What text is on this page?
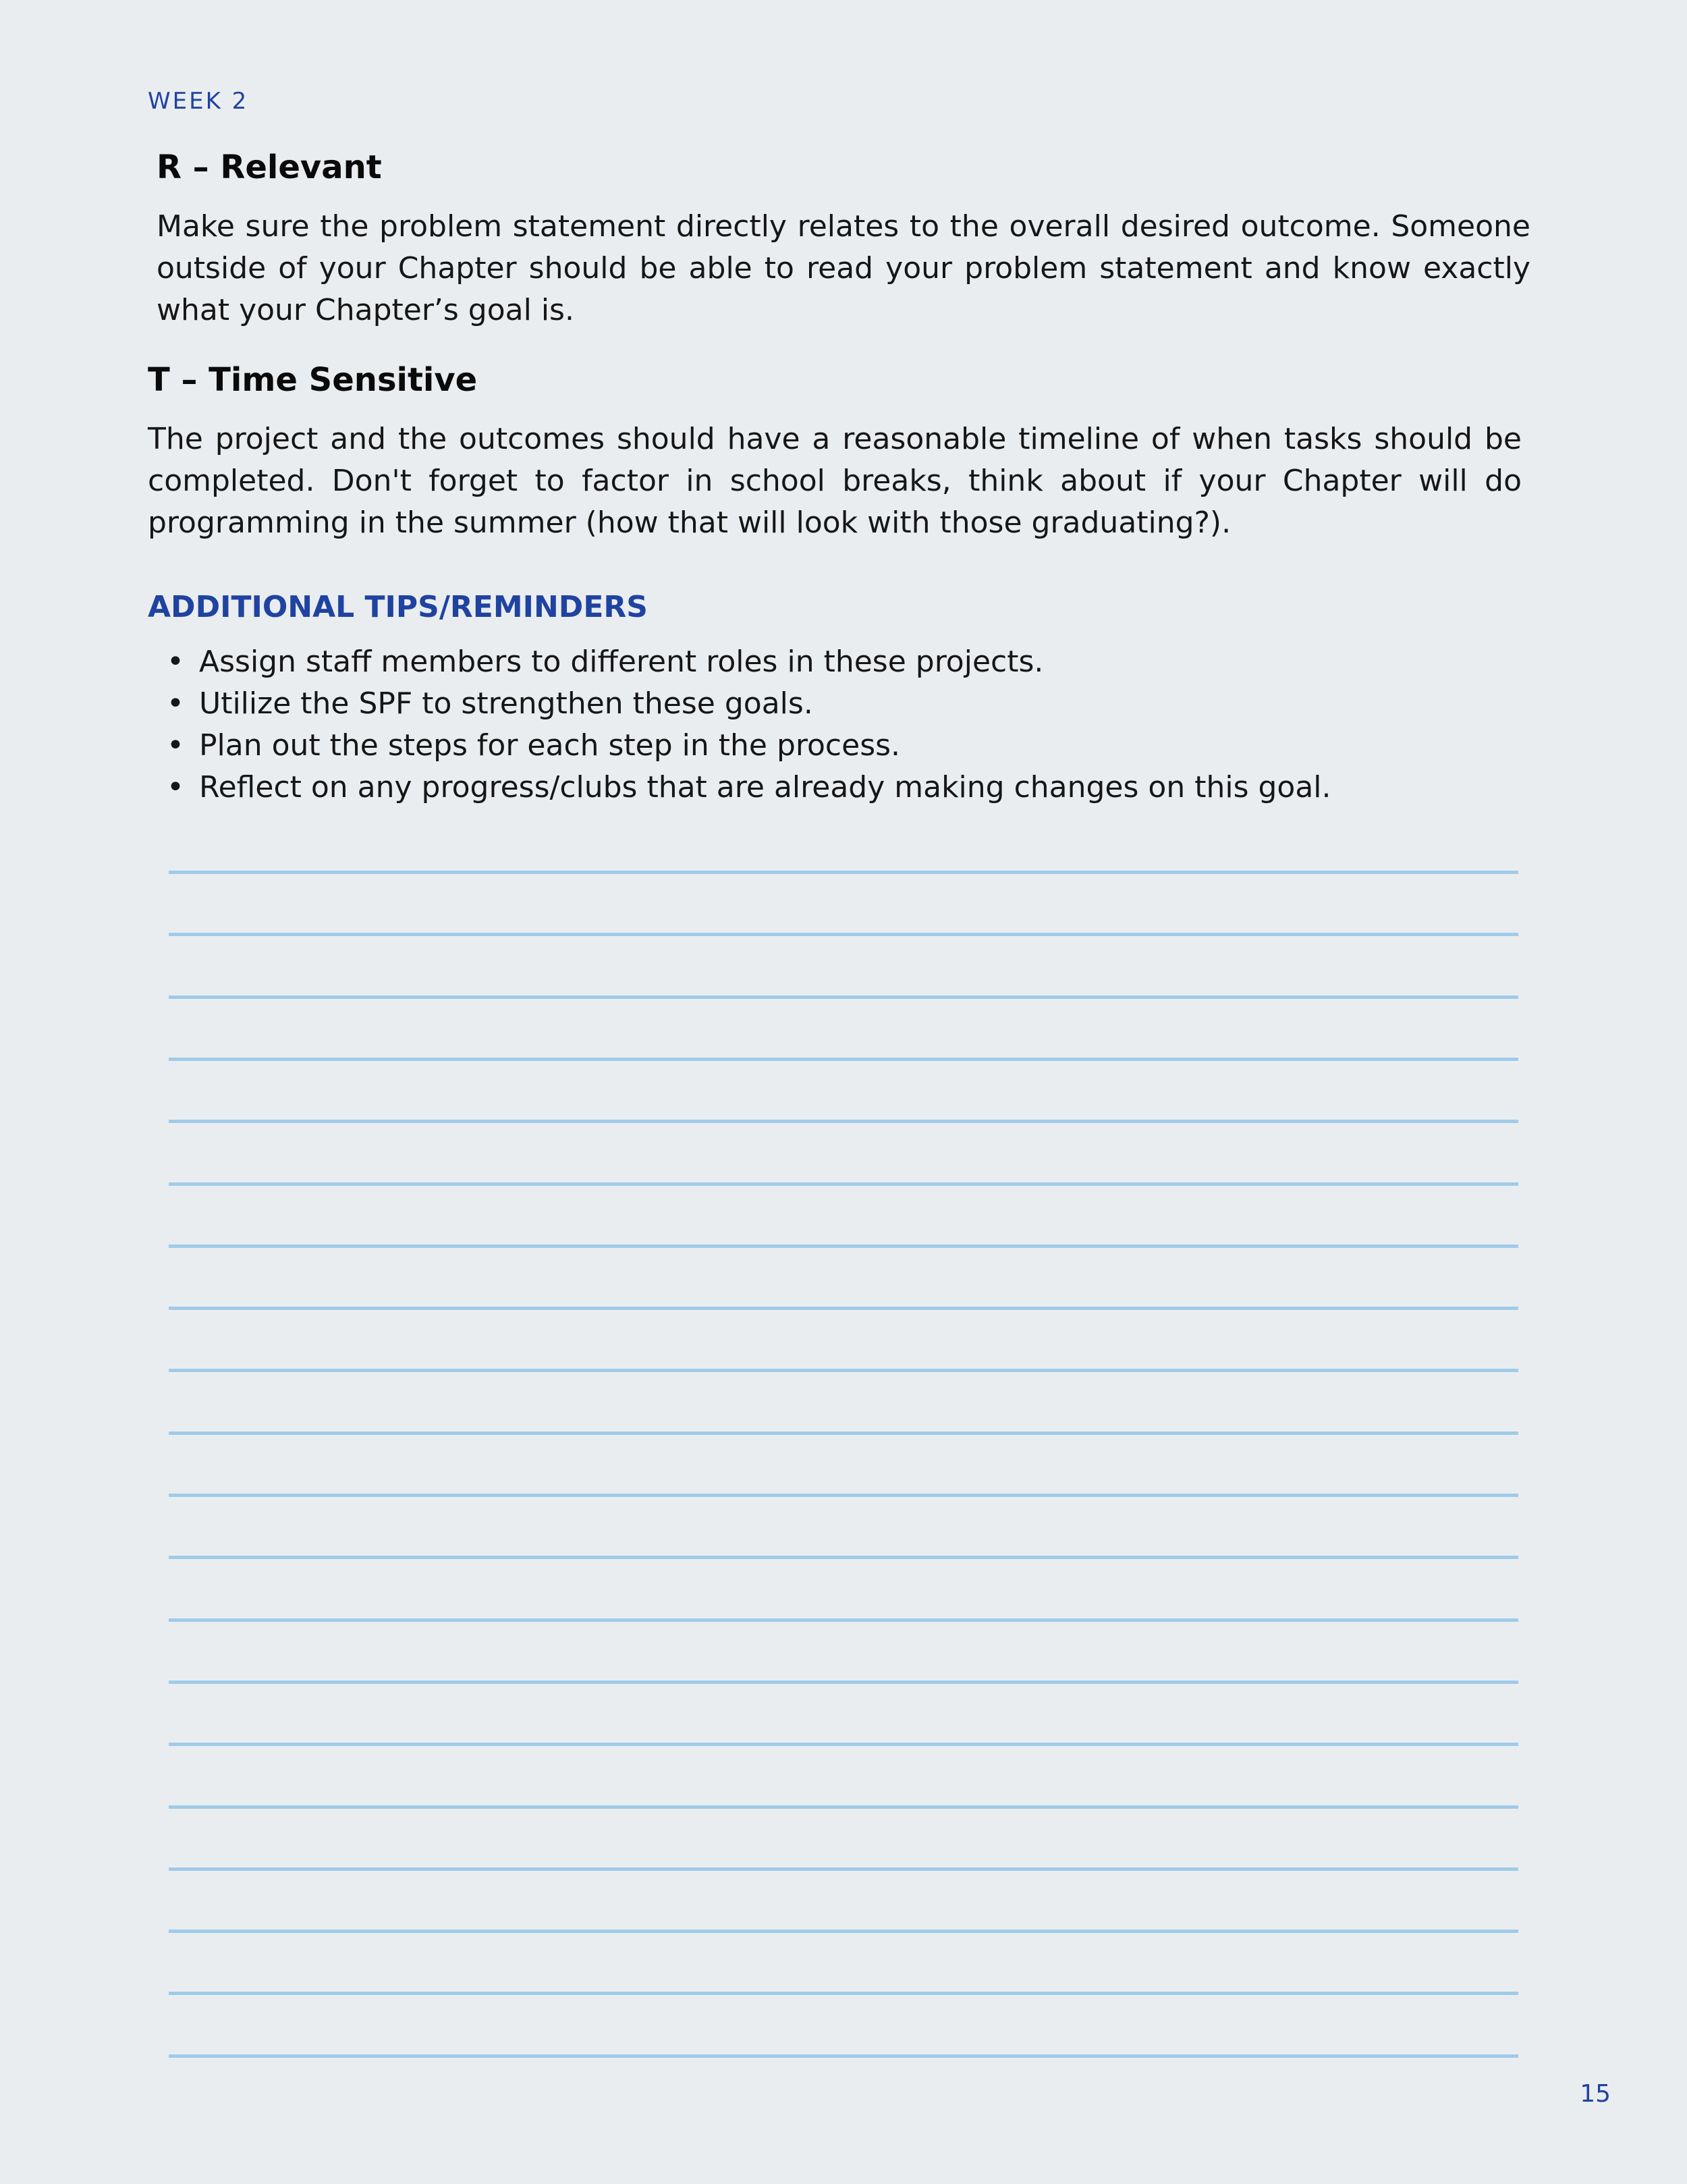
WEEK 2
R – Relevant

Make sure the problem statement directly relates to the overall desired outcome. Someone outside of your Chapter should be able to read your problem statement and know exactly what your Chapter’s goal is.

T – Time Sensitive

The project and the outcomes should have a reasonable timeline of when tasks should be completed. Don't forget to factor in school breaks, think about if your Chapter will do programming in the summer (how that will look with those graduating?).

ADDITIONAL TIPS/REMINDERS
• Assign staff members to different roles in these projects.
• Utilize the SPF to strengthen these goals.
• Plan out the steps for each step in the process.
• Reflect on any progress/clubs that are already making changes on this goal.
15
